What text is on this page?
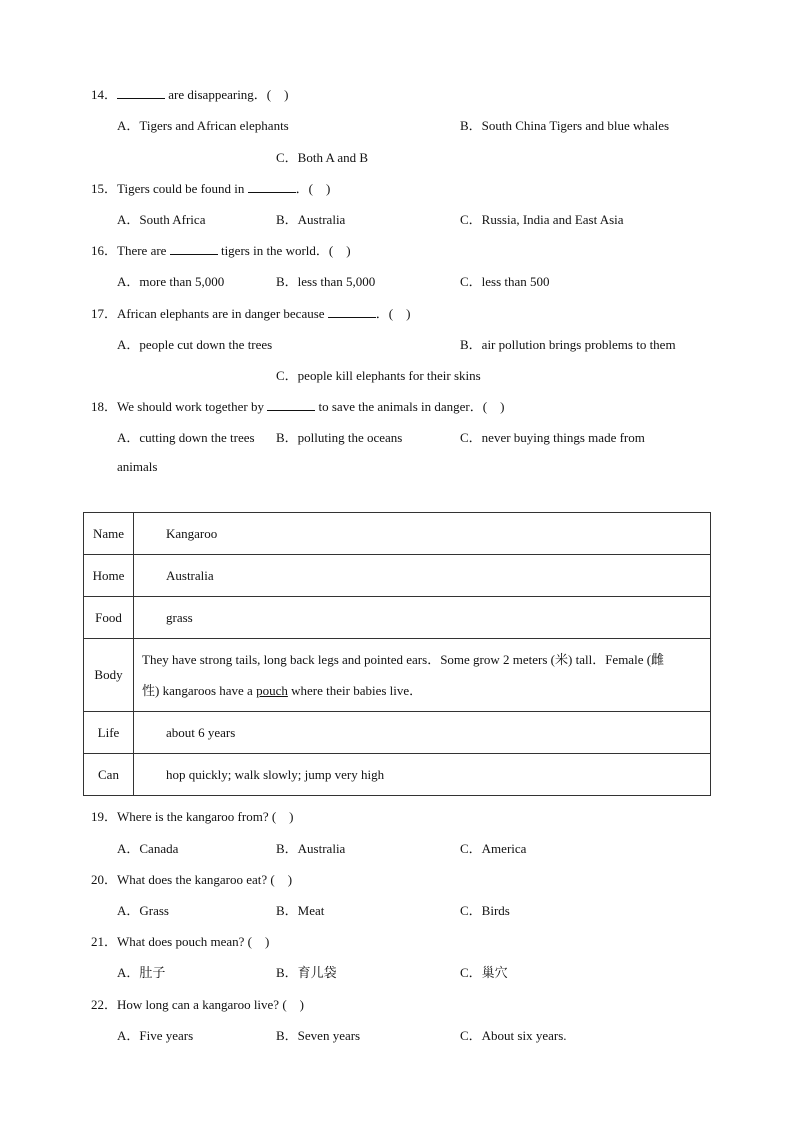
14．	are disappearing．(　)
A．Tigers and African elephants	B．South China Tigers and blue whales
C．Both A and B
15．Tigers could be found in	．(　)
A．South Africa	B．Australia	C．Russia, India and East Asia
16．There are	tigers in the world．(　)
A．more than 5,000	B．less than 5,000	C．less than 500
17．African elephants are in danger because	．(　)
A．people cut down the trees	B．air pollution brings problems to them
C．people kill elephants for their skins
18．We should work together by	to save the animals in danger．(　)
A．cutting down the trees B．polluting the oceans	C．never buying things made from
animals
Name	Kangaroo
Home	Australia
Food	grass
Body	They have strong tails, long back legs and pointed ears．Some grow 2 meters (米) tall．Female (雌
性) kangaroos have a pouch where their babies live．

Life	about 6 years
Can	hop quickly; walk slowly; jump very high
19．Where is the kangaroo from? (　)
A．Canada	B．Australia	C．America
20．What does the kangaroo eat? (　)
A．Grass	B．Meat	C．Birds
21．What does pouch mean? (　)
A．肚子	B．育儿袋	C．巢穴
22．How long can a kangaroo live? (　)
A．Five years	B．Seven years	C．About six years.
